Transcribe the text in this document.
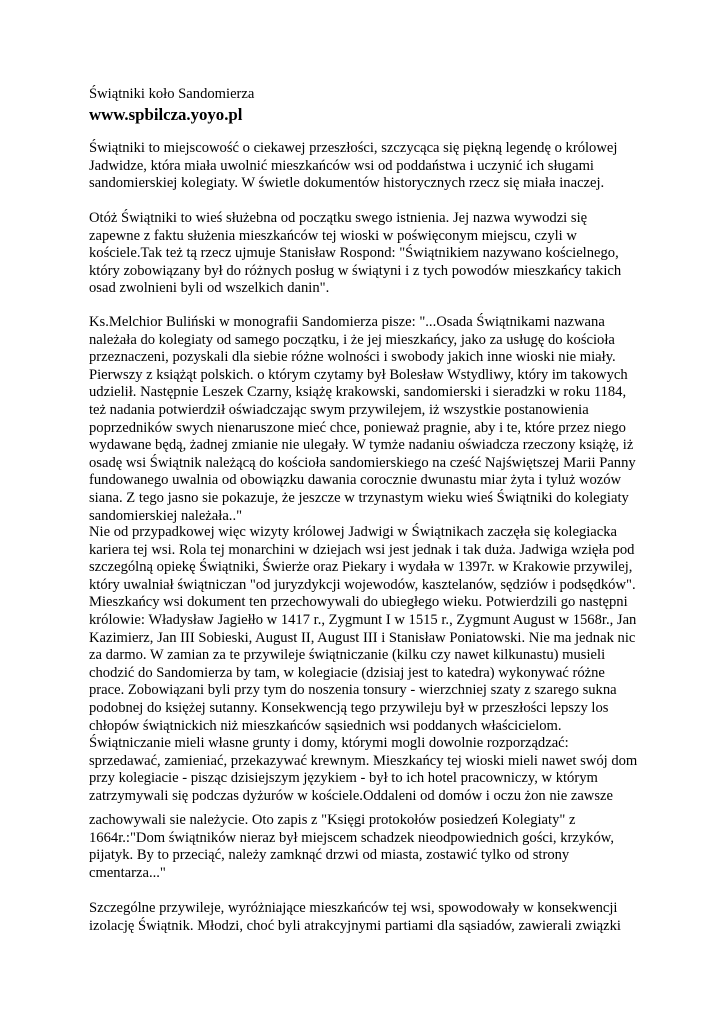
Świątniki koło Sandomierza
www.spbilcza.yoyo.pl
Świątniki to miejscowość o ciekawej przeszłości, szczycąca się piękną legendę o królowej
Jadwidze, która miała uwolnić mieszkańców wsi od poddaństwa i uczynić ich sługami
sandomierskiej kolegiaty. W świetle dokumentów historycznych rzecz się miała inaczej.
Otóż Świątniki to wieś służebna od początku swego istnienia. Jej nazwa wywodzi się
zapewne z faktu służenia mieszkańców tej wioski w poświęconym miejscu, czyli w
kościele.Tak też tą rzecz ujmuje Stanisław Rospond: "Świątnikiem nazywano kościelnego,
który zobowiązany był do różnych posług w świątyni i z tych powodów mieszkańcy takich
osad zwolnieni byli od wszelkich danin".
Ks.Melchior Buliński w monografii Sandomierza pisze: "...Osada Świątnikami nazwana
należała do kolegiaty od samego początku, i że jej mieszkańcy, jako za usługę do kościoła
przeznaczeni, pozyskali dla siebie różne wolności i swobody jakich inne wioski nie miały.
Pierwszy z książąt polskich. o którym czytamy był Bolesław Wstydliwy, który im takowych
udzielił. Następnie Leszek Czarny, książę krakowski, sandomierski i sieradzki w roku 1184,
też nadania potwierdził oświadczając swym przywilejem, iż wszystkie postanowienia
poprzedników swych nienaruszone mieć chce, ponieważ pragnie, aby i te, które przez niego
wydawane będą, żadnej zmianie nie ulegały. W tymże nadaniu oświadcza rzeczony książę, iż
osadę wsi Świątnik należącą do kościoła sandomierskiego na cześć Najświętszej Marii Panny
fundowanego uwalnia od obowiązku dawania corocznie dwunastu miar żyta i tyluż wozów
siana. Z tego jasno sie pokazuje, że jeszcze w trzynastym wieku wieś Świątniki do kolegiaty
sandomierskiej należała.."
Nie od przypadkowej więc wizyty królowej Jadwigi w Świątnikach zaczęła się kolegiacka
kariera tej wsi. Rola tej monarchini w dziejach wsi jest jednak i tak duża. Jadwiga wzięła pod
szczególną opiekę Świątniki, Świerże oraz Piekary i wydała w 1397r. w Krakowie przywilej,
który uwalniał świątniczan "od juryzdykcji wojewodów, kasztelanów, sędziów i podsędków".
Mieszkańcy wsi dokument ten przechowywali do ubiegłego wieku. Potwierdzili go następni
królowie: Władysław Jagiełło w 1417 r., Zygmunt I w 1515 r., Zygmunt August w 1568r., Jan
Kazimierz, Jan III Sobieski, August II, August III i Stanisław Poniatowski. Nie ma jednak nic
za darmo. W zamian za te przywileje świątniczanie (kilku czy nawet kilkunastu) musieli
chodzić do Sandomierza by tam, w kolegiacie (dzisiaj jest to katedra) wykonywać różne
prace. Zobowiązani byli przy tym do noszenia tonsury - wierzchniej szaty z szarego sukna
podobnej do księżej sutanny. Konsekwencją tego przywileju był w przeszłości lepszy los
chłopów świątnickich niż mieszkańców sąsiednich wsi poddanych właścicielom.
Świątniczanie mieli własne grunty i domy, którymi mogli dowolnie rozporządzać:
sprzedawać, zamieniać, przekazywać krewnym. Mieszkańcy tej wioski mieli nawet swój dom
przy kolegiacie - pisząc dzisiejszym językiem - był to ich hotel pracowniczy, w którym
zatrzymywali się podczas dyżurów w kościele.Oddaleni od domów i oczu żon nie zawsze
zachowywali sie należycie. Oto zapis z "Księgi protokołów posiedzeń Kolegiaty" z
1664r.:"Dom świątników nieraz był miejscem schadzek nieodpowiednich gości, krzyków,
pijatyk. By to przeciąć, należy zamknąć drzwi od miasta, zostawić tylko od strony
cmentarza..."
Szczególne przywileje, wyróżniające mieszkańców tej wsi, spowodowały w konsekwencji
izolację Świątnik. Młodzi, choć byli atrakcyjnymi partiami dla sąsiadów, zawierali związki
